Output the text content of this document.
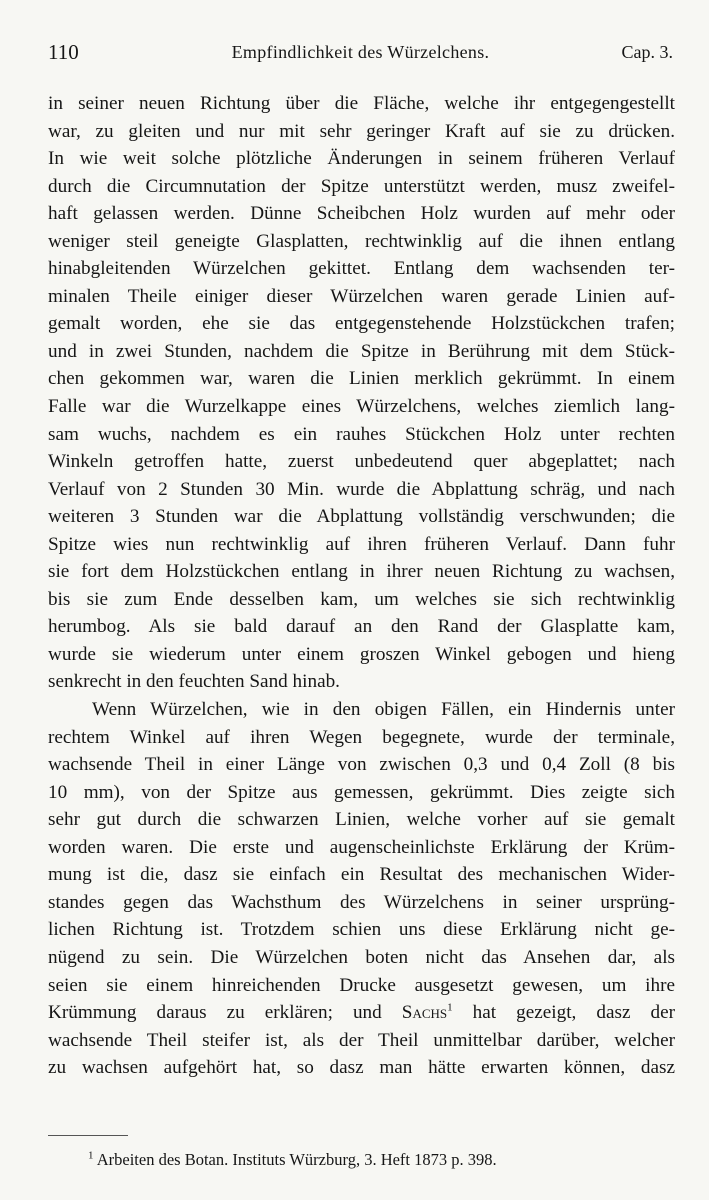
110	Empfindlichkeit des Würzelchens.	Cap. 3.
in seiner neuen Richtung über die Fläche, welche ihr entgegengestellt
war, zu gleiten und nur mit sehr geringer Kraft auf sie zu drücken.
In wie weit solche plötzliche Änderungen in seinem früheren Verlauf
durch die Circumnutation der Spitze unterstützt werden, musz zweifel-
haft gelassen werden. Dünne Scheibchen Holz wurden auf mehr oder
weniger steil geneigte Glasplatten, rechtwinklig auf die ihnen entlang
hinabgleitenden Würzelchen gekittet. Entlang dem wachsenden ter-
minalen Theile einiger dieser Würzelchen waren gerade Linien auf-
gemalt worden, ehe sie das entgegenstehende Holzstückchen trafen;
und in zwei Stunden, nachdem die Spitze in Berührung mit dem Stück-
chen gekommen war, waren die Linien merklich gekrümmt. In einem
Falle war die Wurzelkappe eines Würzelchens, welches ziemlich lang-
sam wuchs, nachdem es ein rauhes Stückchen Holz unter rechten
Winkeln getroffen hatte, zuerst unbedeutend quer abgeplattet; nach
Verlauf von 2 Stunden 30 Min. wurde die Abplattung schräg, und nach
weiteren 3 Stunden war die Abplattung vollständig verschwunden; die
Spitze wies nun rechtwinklig auf ihren früheren Verlauf. Dann fuhr
sie fort dem Holzstückchen entlang in ihrer neuen Richtung zu wachsen,
bis sie zum Ende desselben kam, um welches sie sich rechtwinklig
herumbog. Als sie bald darauf an den Rand der Glasplatte kam,
wurde sie wiederum unter einem groszen Winkel gebogen und hieng
senkrecht in den feuchten Sand hinab.
Wenn Würzelchen, wie in den obigen Fällen, ein Hindernis unter
rechtem Winkel auf ihren Wegen begegnete, wurde der terminale,
wachsende Theil in einer Länge von zwischen 0,3 und 0,4 Zoll (8 bis
10 mm), von der Spitze aus gemessen, gekrümmt. Dies zeigte sich
sehr gut durch die schwarzen Linien, welche vorher auf sie gemalt
worden waren. Die erste und augenscheinlichste Erklärung der Krüm-
mung ist die, dasz sie einfach ein Resultat des mechanischen Wider-
standes gegen das Wachsthum des Würzelchens in seiner ursprüng-
lichen Richtung ist. Trotzdem schien uns diese Erklärung nicht ge-
nügend zu sein. Die Würzelchen boten nicht das Ansehen dar, als
seien sie einem hinreichenden Drucke ausgesetzt gewesen, um ihre
Krümmung daraus zu erklären; und Sachs$^1$ hat gezeigt, dasz der
wachsende Theil steifer ist, als der Theil unmittelbar darüber, welcher
zu wachsen aufgehört hat, so dasz man hätte erwarten können, dasz
$^1$ Arbeiten des Botan. Instituts Würzburg, 3. Heft 1873 p. 398.
